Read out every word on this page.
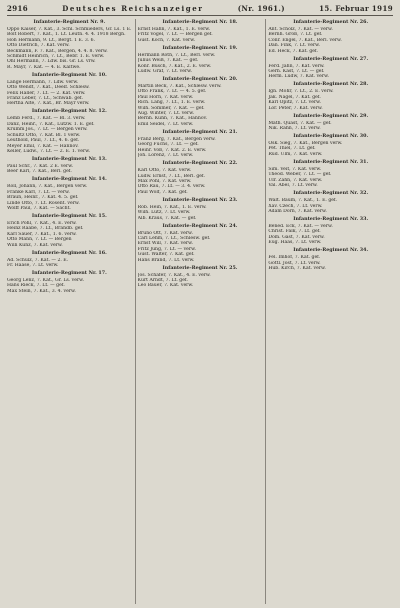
2916	Deutsches Reichsanzeiger	(Nr. 1961.)	15. Februar 1919
Infanterie-Regiment Nr. 9.
Oppo Kaiser, 7. Kat., 3. Schl. Schmieders, Gr. Ls. 1 E.
Bolt Robert, 7. Kat., 1. Lt. Leutn. 4. 4. 1918 Bergh.
Hoh Hermann, 9. Lt., Bergt. 1 E. 3. 6.
Otto Dietrich, 7. Kat. verw.
Beckmann, F. 7. Kat., Bergen, 4. 4. 8. verw.
Schmidt Heinrich, 7. Lt., Bebr. 1. E. verw.
Ohl Hermann, 7. Ldw. bis. Gr. Ls. vrw.
R. Mayr, 7. Kat. — 4. E. Kaltwe.
Infanterie-Regiment Nr. 10.
Lange Hermann, 7. Ldw. verw.
Otto Wendt, 7. Kat., Deelf. Schlesw.
Felix Haller, 7. Lt. — 2. Kat. verw.
Franz Leber, 7. Lt., Schwab. gef.
Hertha Alte, 7. Kat., Br. Mayr verw.
Infanterie-Regiment Nr. 12.
Lemb Ferd., 7. Kat. — Bl. 3. verw.
Danz, Heinr., 7. Kat., Lutzw. 1. E. gef.
Krumm Jos., 7. Lt. — Bergen verw.
Schultz Otto, 7. Kat. Bl. 1 verw.
Leuthold, Paul, 7. Lt., 4. 6. gef.
Meyer Emil, 7. Kat. — Hannov.
Keller, Ludw., 7. Lt. — 2. E. 1. verw.
Infanterie-Regiment Nr. 13.
Paul Schr., 7. Kat. 2 E. verw.
Beer Karl, 7. Kat., Berl. gef.
Infanterie-Regiment Nr. 14.
Roll, Johann, 7. Kat., Bergen verw.
Franke Karl, 7. Lt. — verw.
Braun, Heinr., 7. Kat. 4. 5. gef.
Linde Otto, 7. Lt. Rosent. verw.
Wolff Paul, 7. Kat. — Sacht.
Infanterie-Regiment Nr. 15.
Erich Pohl, 7. Kat., 4. E. verw.
Heinz Raabe, 7. Lt., Brandb. gef.
Karl Sauer, 7. Kat., 1. 6. verw.
Otto Mann, 7. Lt. — Bergen
Willi Kunz, 7. Kat. verw.
Infanterie-Regiment Nr. 16.
Ad. Schulz, 7. Kat. — 2. E.
Fr. Haase, 7. Lt. verw.
Infanterie-Regiment Nr. 17.
Georg Lenz, 7. Kat., Gr. Ls. verw.
Hans Rieck, 7. Lt. — gef.
Max Stein, 7. Kat., 3. 4. verw.
Infanterie-Regiment Nr. 18.
Ernst Hahn, 7. Kat., 1. E. verw.
Fritz Vogel, 7. Lt. — Bergen gef.
Gust. Koch, 7. Kat. verw.
Infanterie-Regiment Nr. 19.
Hermann Roth, 7. Lt., Berl. verw.
Julius Weiß, 7. Kat. — gef.
Konr. Busch, 7. Kat., 2. E. verw.
Ludw. Graf, 7. Lt. verw.
Infanterie-Regiment Nr. 20.
Martin Beck, 7. Kat., Schlesw. verw.
Otto Frank, 7. Lt. — 4. 5. gef.
Paul Horn, 7. Kat. verw.
Rich. Lang, 7. Lt., 1. E. verw.
Wilh. Sommer, 7. Kat. — gef.
Aug. Winter, 7. Lt. verw.
Bernh. Kühn, 7. Kat., Hannov.
Emil Seidel, 7. Lt. verw.
Infanterie-Regiment Nr. 21.
Franz Berg, 7. Kat., Bergen verw.
Georg Fuchs, 7. Lt. — gef.
Heinr. Voß, 7. Kat. 2. E. verw.
Joh. Lorenz, 7. Lt. verw.
Infanterie-Regiment Nr. 22.
Karl Otto, 7. Kat. verw.
Ludw. Ernst, 7. Lt., Berl. gef.
Max Pohl, 7. Kat. verw.
Otto Rau, 7. Lt. — 3. 4. verw.
Paul Wolf, 7. Kat. gef.
Infanterie-Regiment Nr. 23.
Rob. Hein, 7. Kat., 1. E. verw.
Wilh. Lutz, 7. Lt. verw.
Alb. Kraus, 7. Kat. — gef.
Infanterie-Regiment Nr. 24.
Bruno Ott, 7. Kat. verw.
Carl Lehm, 7. Lt., Schlesw. gef.
Ernst Will, 7. Kat. verw.
Fritz Jung, 7. Lt. — verw.
Gust. Walter, 7. Kat. gef.
Hans Brand, 7. Lt. verw.
Infanterie-Regiment Nr. 25.
Jos. Schäfer, 7. Kat., 4. E. verw.
Kurt Arndt, 7. Lt. gef.
Leo Bauer, 7. Kat. verw.
Infanterie-Regiment Nr. 26.
Ant. Scholz, 7. Kat. — verw.
Bernh. Groß, 7. Lt. gef.
Conr. Engel, 7. Kat., Berl. verw.
Dan. Fink, 7. Lt. verw.
Ed. Heck, 7. Kat. gef.
Infanterie-Regiment Nr. 27.
Ferd. Jahn, 7. Kat. verw.
Gerh. Kast, 7. Lt. — gef.
Herm. Ludw, 7. Kat. verw.
Infanterie-Regiment Nr. 28.
Ign. Mohr, 7. Lt., 2. E. verw.
Jak. Nagel, 7. Kat. gef.
Karl Opitz, 7. Lt. verw.
Lor. Peter, 7. Kat. verw.
Infanterie-Regiment Nr. 29.
Math. Quast, 7. Kat. — gef.
Nik. Rahn, 7. Lt. verw.
Infanterie-Regiment Nr. 30.
Osk. Sieg, 7. Kat., Bergen verw.
Pet. Thiel, 7. Lt. gef.
Rud. Ulm, 7. Kat. verw.
Infanterie-Regiment Nr. 31.
Sim. Veit, 7. Kat. verw.
Theod. Weber, 7. Lt. — gef.
Ulr. Zahn, 7. Kat. verw.
Val. Abel, 7. Lt. verw.
Infanterie-Regiment Nr. 32.
Walt. Baum, 7. Kat., 1. E. gef.
Xav. Czech, 7. Lt. verw.
Adam Dorn, 7. Kat. verw.
Infanterie-Regiment Nr. 33.
Bened. Eck, 7. Kat. — verw.
Christ. Falk, 7. Lt. gef.
Dom. Gast, 7. Kat. verw.
Eug. Haas, 7. Lt. verw.
Infanterie-Regiment Nr. 34.
Fel. Imhof, 7. Kat. gef.
Gottl. Jost, 7. Lt. verw.
Hub. Kirch, 7. Kat. verw.
